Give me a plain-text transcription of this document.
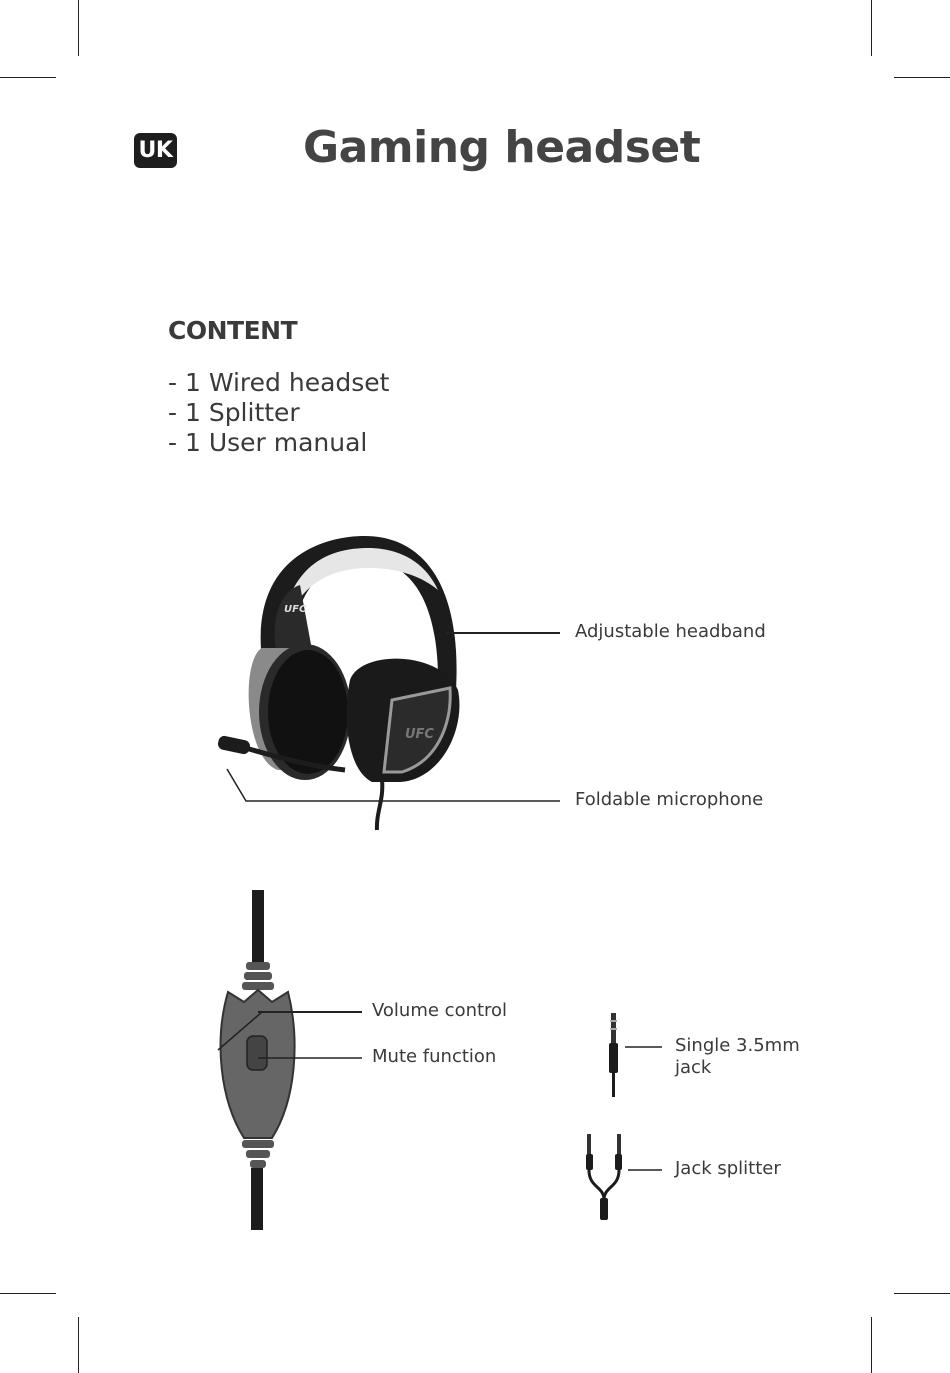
UK	Gaming headset
CONTENT
- 1 Wired headset
- 1 Splitter
- 1 User manual
UFC
UFC
Adjustable headband
Foldable microphone
Volume control
Mute function
Single 3.5mm
jack
Jack splitter
